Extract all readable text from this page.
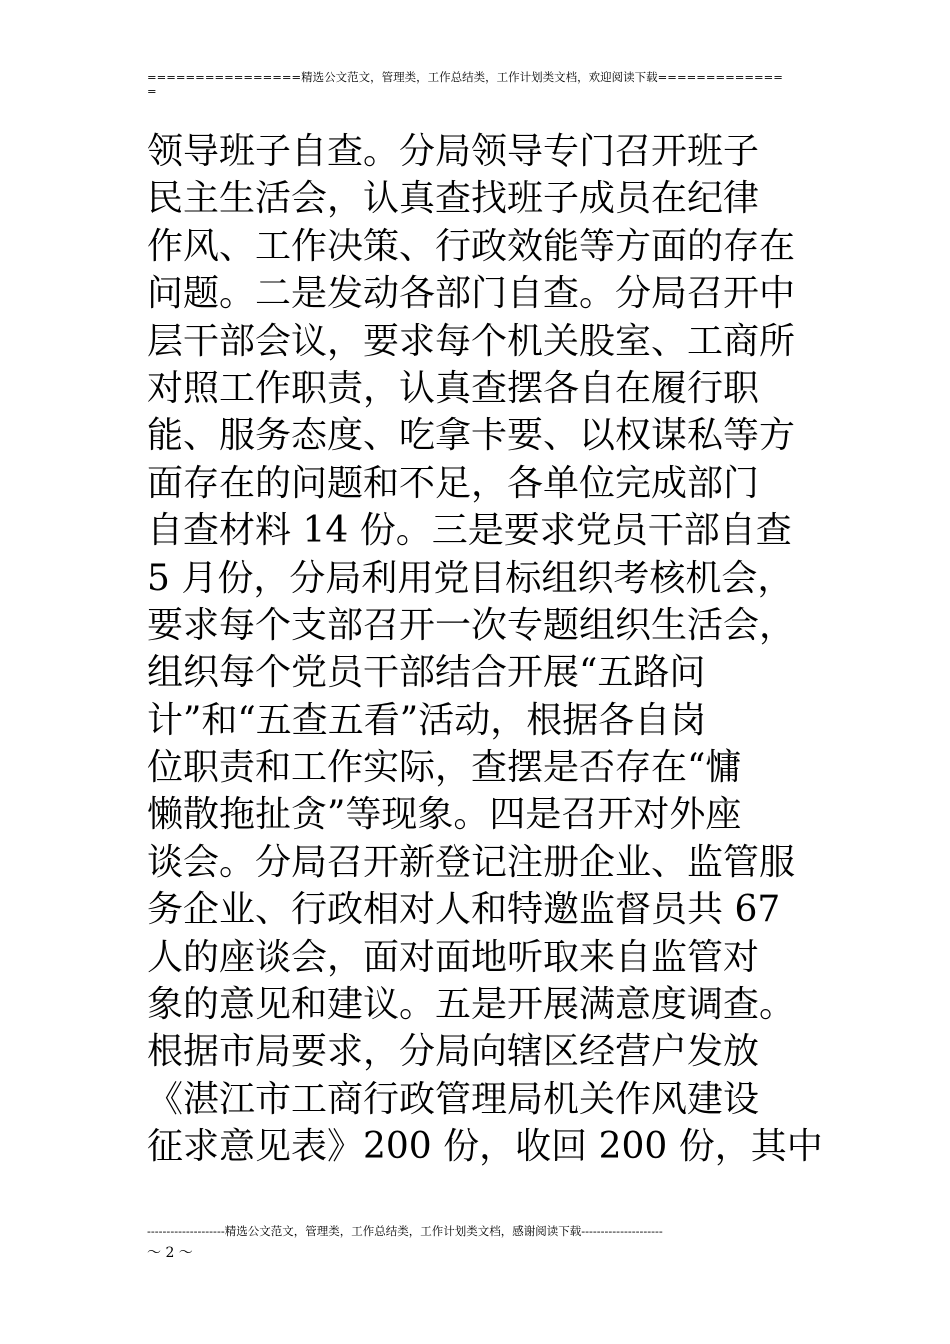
================精选公文范文，管理类，工作总结类，工作计划类文档，欢迎阅读下载=============
=
领导班子自查。分局领导专门召开班子
民主生活会，认真查找班子成员在纪律
作风、工作决策、行政效能等方面的存在
问题。二是发动各部门自查。分局召开中
层干部会议，要求每个机关股室、工商所
对照工作职责，认真查摆各自在履行职
能、服务态度、吃拿卡要、以权谋私等方
面存在的问题和不足，各单位完成部门
自查材料 14 份。三是要求党员干部自查
5 月份，分局利用党目标组织考核机会，
要求每个支部召开一次专题组织生活会，
组织每个党员干部结合开展“五路问
计”和“五查五看”活动，根据各自岗
位职责和工作实际，查摆是否存在“慵
懒散拖扯贪”等现象。四是召开对外座
谈会。分局召开新登记注册企业、监管服
务企业、行政相对人和特邀监督员共 67
人的座谈会，面对面地听取来自监管对
象的意见和建议。五是开展满意度调查。
根据市局要求，分局向辖区经营户发放
《湛江市工商行政管理局机关作风建设
征求意见表》200 份，收回 200 份，其中
--------------------精选公文范文，管理类，工作总结类，工作计划类文档，感谢阅读下载---------------------
～ 2 ～
